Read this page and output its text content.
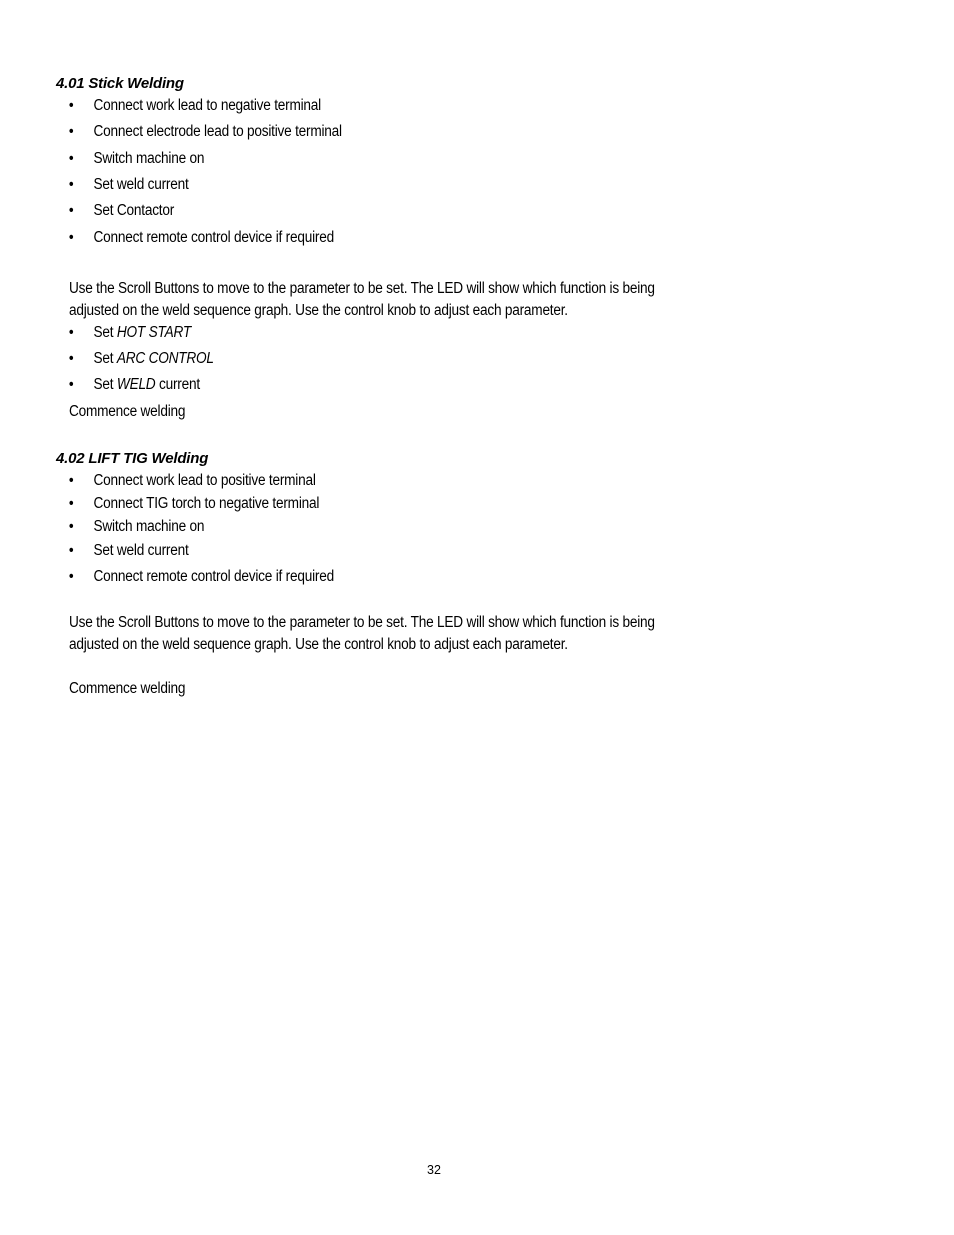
4.01 Stick Welding
• Connect work lead to negative terminal
• Connect electrode lead to positive terminal
• Switch machine on
• Set weld current
• Set Contactor
• Connect remote control device if required

Use the Scroll Buttons to move to the parameter to be set. The LED will show which function is being
adjusted on the weld sequence graph. Use the control knob to adjust each parameter.

• Set HOT START
• Set ARC CONTROL
• Set WELD current

Commence welding

4.02 LIFT TIG Welding
• Connect work lead to positive terminal
• Connect TIG torch to negative terminal
• Switch machine on
• Set weld current
• Connect remote control device if required

Use the Scroll Buttons to move to the parameter to be set. The LED will show which function is being
adjusted on the weld sequence graph. Use the control knob to adjust each parameter.

Commence welding

32
